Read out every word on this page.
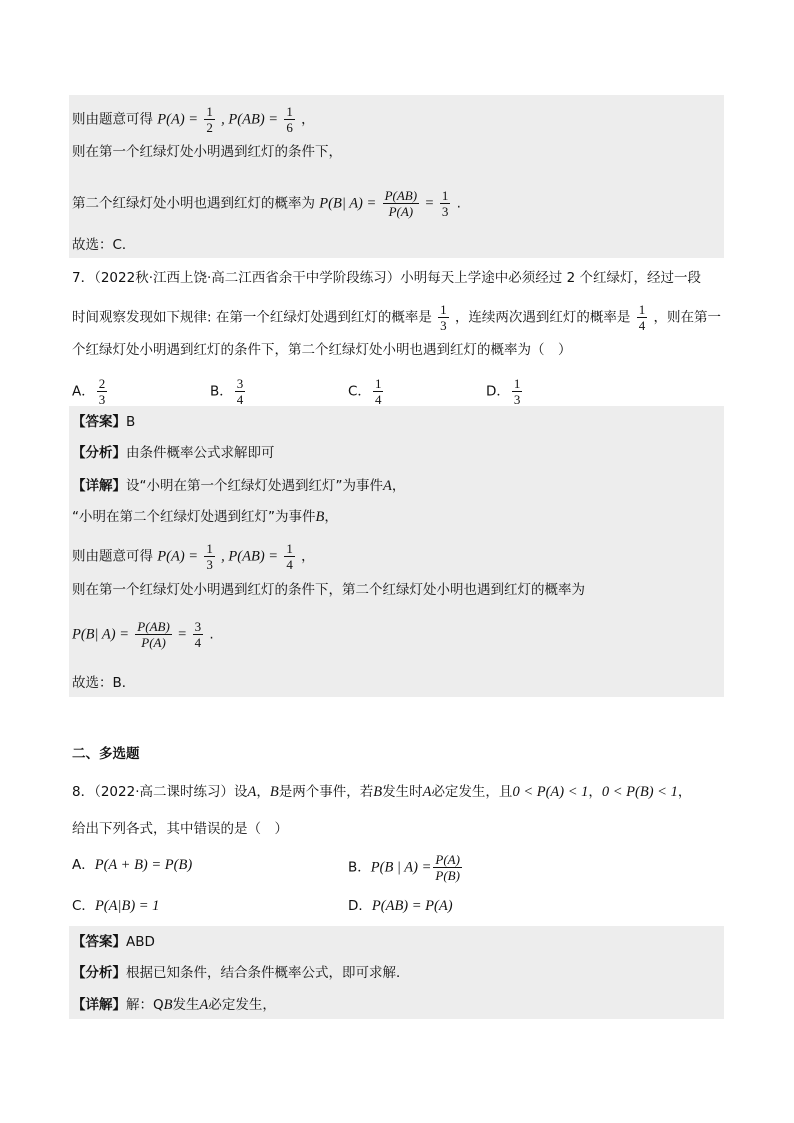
则由题意可得 $P(A) = \frac{1}{2}$ , $P(AB) = \frac{1}{6}$ ，
则在第一个红绿灯处小明遇到红灯的条件下，
第二个红绿灯处小明也遇到红灯的概率为 P(B| $A) = \frac{P(AB)}{P(A)} = \frac{1}{3}$ .
故选：C．
7．（2022秋·江西上饶·高二江西省余干中学阶段练习）小明每天上学途中必须经过 2 个红绿灯，经过一段
时间观察发现如下规律: 在第一个红绿灯处遇到红灯的概率是 $\frac{1}{3}$ ，连续两次遇到红灯的概率是 $\frac{1}{4}$ ，则在第一
个红绿灯处小明遇到红灯的条件下，第二个红绿灯处小明也遇到红灯的概率为（　）
A． $\frac{2}{3}$	B． $\frac{3}{4}$	C． $\frac{1}{4}$	D． $\frac{1}{3}$
【答案】B
【分析】由条件概率公式求解即可
【详解】设“小明在第一个红绿灯处遇到红灯”为事件A，
“小明在第二个红绿灯处遇到红灯”为事件B，
则由题意可得 $P(A) = \frac{1}{3}$ , $P(AB) = \frac{1}{4}$ ，
则在第一个红绿灯处小明遇到红灯的条件下，第二个红绿灯处小明也遇到红灯的概率为
P(B| $A) = \frac{P(AB)}{P(A)} = \frac{3}{4}$ .
故选：B．
二、多选题
8．（2022·高二课时练习）设A，B是两个事件，若B发生时A必定发生，且0 < P(A) < 1，0 < P(B) < 1，
给出下列各式，其中错误的是（　）
A．P(A + B) = P(B)	B．P(B | $A) = \frac{P(A)}{P(B)}$
C．P(A|B) = 1	D．P(AB) = P(A)
【答案】ABD
【分析】根据已知条件，结合条件概率公式，即可求解．
【详解】解：QB发生A必定发生，
